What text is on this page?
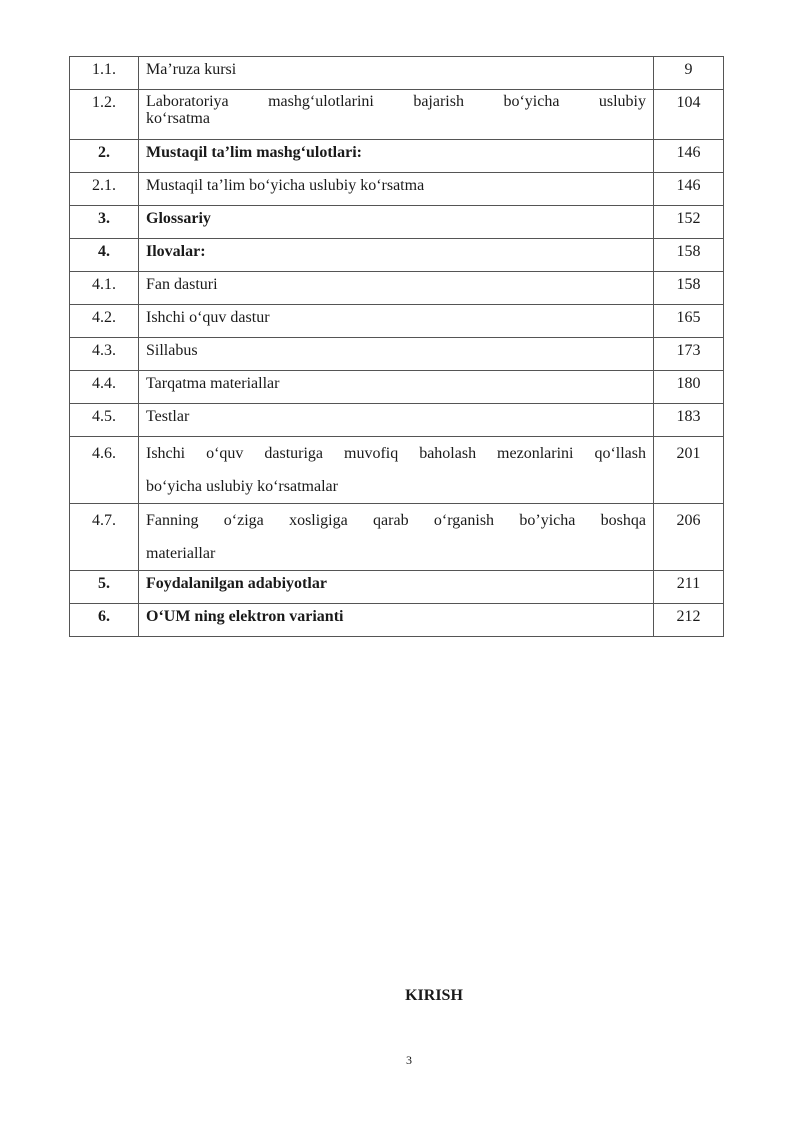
1.1.	Ma’ruza kursi	9
1.2.	Laboratoriya mashg‘ulotlarini bajarish bo‘yicha uslubiy
ko‘rsatma	104
2.	Mustaqil ta’lim mashg‘ulotlari:	146
2.1.	Mustaqil ta’lim bo‘yicha uslubiy ko‘rsatma	146
3.	Glossariy	152
4.	Ilovalar:	158
4.1.	Fan dasturi	158
4.2.	Ishchi o‘quv dastur	165
4.3.	Sillabus	173
4.4.	Tarqatma materiallar	180
4.5.	Testlar	183
4.6.	Ishchi o‘quv dasturiga muvofiq baholash mezonlarini qo‘llash
bo‘yicha uslubiy ko‘rsatmalar	201
4.7.	Fanning o‘ziga xosligiga qarab o‘rganish bo’yicha boshqa
materiallar	206
5.	Foydalanilgan adabiyotlar	211
6.	O‘UM ning elektron varianti	212
KIRISH
3
